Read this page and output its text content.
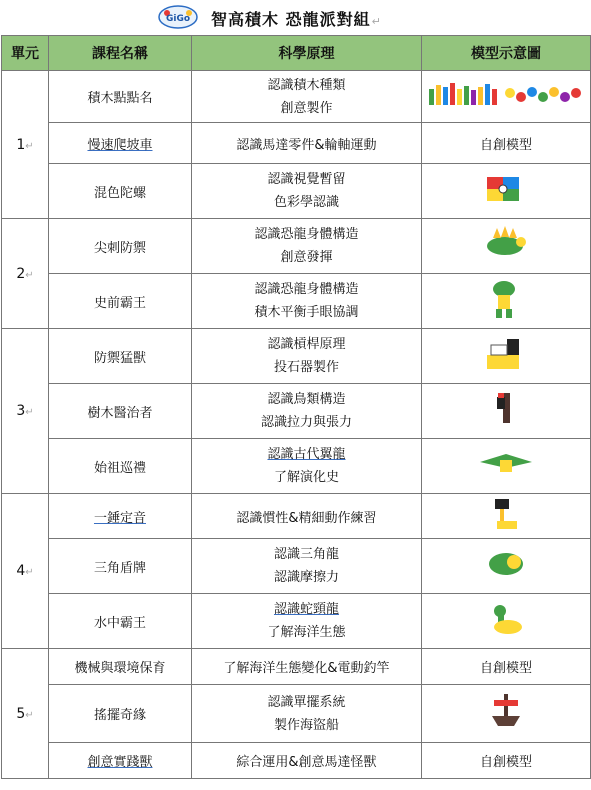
GiGo 智高積木 恐龍派對組↵
單元	課程名稱	科學原理	模型示意圖
1↵	積木點點名	認識積木種類
創意製作

	慢速爬坡車	認識馬達零件&輪軸運動	自創模型
	混色陀螺	認識視覺暫留
色彩學認識

2↵	尖刺防禦	認識恐龍身體構造
創意發揮

	史前霸王	認識恐龍身體構造
積木平衡手眼協調

3↵	防禦猛獸	認識槓桿原理
投石器製作

	樹木醫治者	認識鳥類構造
認識拉力與張力

	始祖巡禮	認識古代翼龍
了解演化史

4↵	一錘定音	認識慣性&精細動作練習	
	三角盾牌	認識三角龍
認識摩擦力

	水中霸王	認識蛇頸龍
了解海洋生態

5↵	機械與環境保育	了解海洋生態變化&電動釣竿	自創模型
	搖擺奇緣	認識單擺系統
製作海盜船

	創意實踐獸	綜合運用&創意馬達怪獸	自創模型
